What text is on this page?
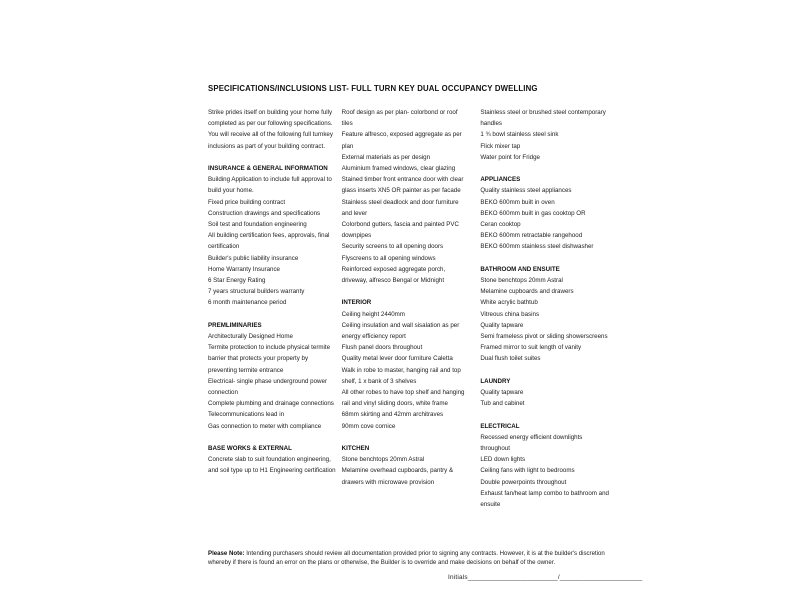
SPECIFICATIONS/INCLUSIONS LIST- FULL TURN KEY DUAL OCCUPANCY DWELLING
Strike prides itself on building your home fully completed as per our following specifications. You will receive all of the following full turnkey inclusions as part of your building contract.
INSURANCE & GENERAL INFORMATION
Building Application to include full approval to build your home.
Fixed price building contract
Construction drawings and specifications
Soil test and foundation engineering
All building certification fees, approvals, final certification
Builder's public liability insurance
Home Warranty Insurance
6 Star Energy Rating
7 years structural builders warranty
6 month maintenance period
PREMLIMINARIES
Architecturally Designed Home
Termite protection to include physical termite barrier that protects your property by preventing termite entrance
Electrical- single phase underground power connection
Complete plumbing and drainage connections
Telecommunications lead in
Gas connection to meter with compliance
BASE WORKS & EXTERNAL
Concrete slab to suit foundation engineering, and soil type up to H1 Engineering certification
Roof design as per plan- colorbond or roof tiles
Feature alfresco, exposed aggregate as per plan
External materials as per design
Aluminium framed windows, clear glazing
Stained timber front entrance door with clear glass inserts XN5 OR painter as per facade
Stainless steel deadlock and door furniture and lever
Colorbond gutters, fascia and painted PVC downpipes
Security screens to all opening doors
Flyscreens to all opening windows
Reinforced exposed aggregate porch, driveway, alfresco Bengal or Midnight
INTERIOR
Ceiling height 2440mm
Ceiling insulation and wall sisalation as per energy efficiency report
Flush panel doors throughout
Quality metal lever door furniture Caletta
Walk in robe to master, hanging rail and top shelf, 1 x bank of 3 shelves
All other robes to have top shelf and hanging rail and vinyl sliding doors, white frame
68mm skirting and 42mm architraves
90mm cove cornice
KITCHEN
Stone benchtops 20mm Astral
Melamine overhead cupboards, pantry & drawers with microwave provision
Stainless steel or brushed steel contemporary handles
1 ¾ bowl stainless steel sink
Flick mixer tap
Water point for Fridge
APPLIANCES
Quality stainless steel appliances
BEKO 600mm built in oven
BEKO 600mm built in gas cooktop OR
Ceran cooktop
BEKO 600mm retractable rangehood
BEKO 600mm stainless steel dishwasher
BATHROOM AND ENSUITE
Stone benchtops 20mm Astral
Melamine cupboards and drawers
White acrylic bathtub
Vitreous china basins
Quality tapware
Semi frameless pivot or sliding showerscreens
Framed mirror to suit length of vanity
Dual flush toilet suites
LAUNDRY
Quality tapware
Tub and cabinet
ELECTRICAL
Recessed energy efficient downlights throughout
LED down lights
Ceiling fans with light to bedrooms
Double powerpoints throughout
Exhaust fan/heat lamp combo to bathroom and ensuite
Please Note: Intending purchasers should review all documentation provided prior to signing any contracts. However, it is at the builder's discretion whereby if there is found an error on the plans or otherwise, the Builder is to override and make decisions on behalf of the owner.
Initials________________________/______________________
